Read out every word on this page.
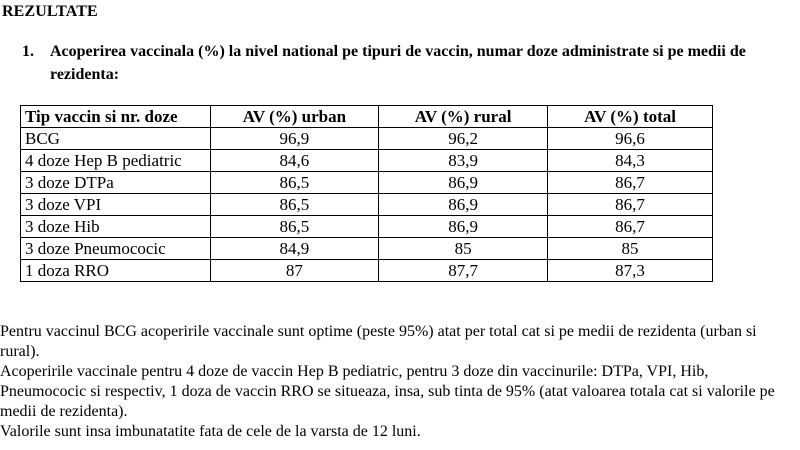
REZULTATE
1. Acoperirea vaccinala (%) la nivel national pe tipuri de vaccin, numar doze administrate si pe medii de rezidenta:
Tip vaccin si nr. doze	AV (%) urban	AV (%) rural	AV (%) total
BCG	96,9	96,2	96,6
4 doze Hep B pediatric	84,6	83,9	84,3
3 doze DTPa	86,5	86,9	86,7
3 doze VPI	86,5	86,9	86,7
3 doze Hib	86,5	86,9	86,7
3 doze Pneumococic	84,9	85	85
1 doza RRO	87	87,7	87,3

Pentru vaccinul BCG acoperirile vaccinale sunt optime (peste 95%) atat per total cat si pe medii de rezidenta (urban si rural).

Acoperirile vaccinale pentru 4 doze de vaccin Hep B pediatric, pentru 3 doze din vaccinurile: DTPa, VPI, Hib, Pneumococic si respectiv, 1 doza de vaccin RRO se situeaza, insa, sub tinta de 95% (atat valoarea totala cat si valorile pe medii de rezidenta).

Valorile sunt insa imbunatatite fata de cele de la varsta de 12 luni.
